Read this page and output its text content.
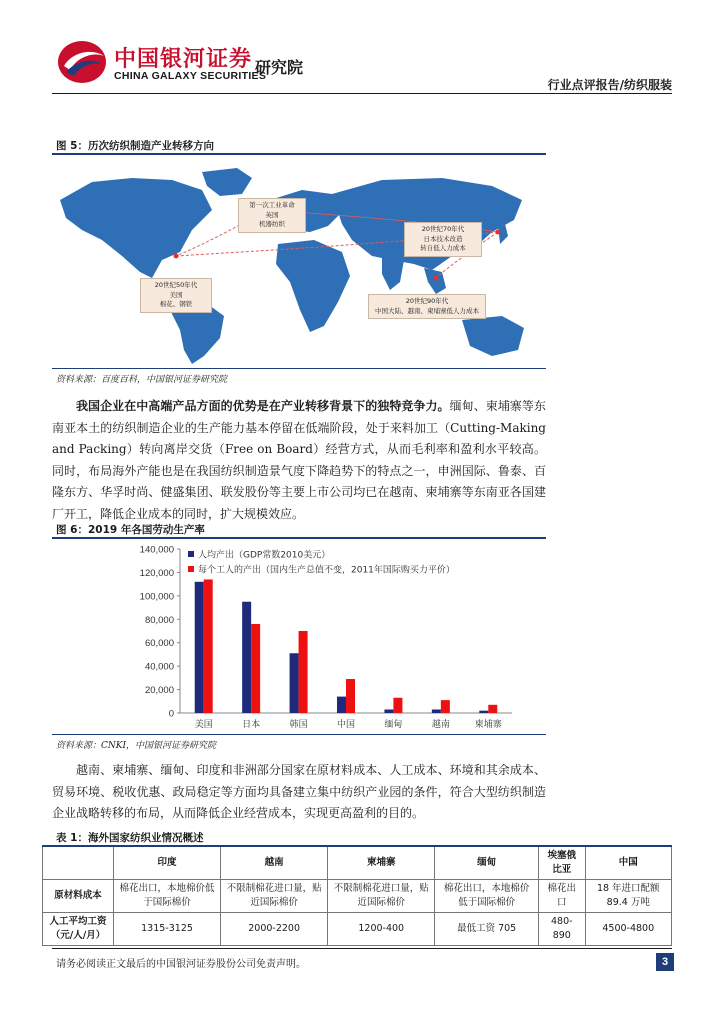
中国银河证券
CHINA GALAXY SECURITIES
研究院
行业点评报告/纺织服装
图 5：历次纺织制造产业转移方向
第一次工业革命
英国
机器纺织
20世纪50年代
美国
棉花、钢铁
20世纪70年代
日本技术改造
转自低人力成本
20世纪90年代
中国大陆、越南、柬埔寨低人力成本
资料来源：百度百科，中国银河证券研究院
我国企业在中高端产品方面的优势是在产业转移背景下的独特竞争力。缅甸、柬埔寨等东南亚本土的纺织制造企业的生产能力基本停留在低端阶段，处于来料加工（Cutting-Making and Packing）转向离岸交货（Free on Board）经营方式，从而毛利率和盈利水平较高。同时，布局海外产能也是在我国纺织制造景气度下降趋势下的特点之一，申洲国际、鲁泰、百隆东方、华孚时尚、健盛集团、联发股份等主要上市公司均已在越南、柬埔寨等东南亚各国建厂开工，降低企业成本的同时，扩大规模效应。
图 6：2019 年各国劳动生产率
0
20,000
40,000
60,000
80,000
100,000
120,000
140,000
美国	日本	韩国	中国	缅甸	越南	柬埔寨
人均产出（GDP常数2010美元）
每个工人的产出（国内生产总值不变，2011年国际购买力平价）
资料来源：CNKI，中国银河证券研究院
越南、柬埔寨、缅甸、印度和非洲部分国家在原材料成本、人工成本、环境和其余成本、贸易环境、税收优惠、政局稳定等方面均具备建立集中纺织产业园的条件，符合大型纺织制造企业战略转移的布局，从而降低企业经营成本，实现更高盈利的目的。
表 1：海外国家纺织业情况概述
	印度	越南	柬埔寨	缅甸	埃塞俄比亚	中国
原材料成本	棉花出口，本地棉价低于国际棉价	不限制棉花进口量，贴近国际棉价	不限制棉花进口量，贴近国际棉价	棉花出口，本地棉价低于国际棉价	棉花出口	18 年进口配额 89.4 万吨
人工平均工资（元/人/月）	1315-3125	2000-2200	1200-400	最低工资 705	480-890	4500-4800
请务必阅读正文最后的中国银河证券股份公司免责声明。	3
